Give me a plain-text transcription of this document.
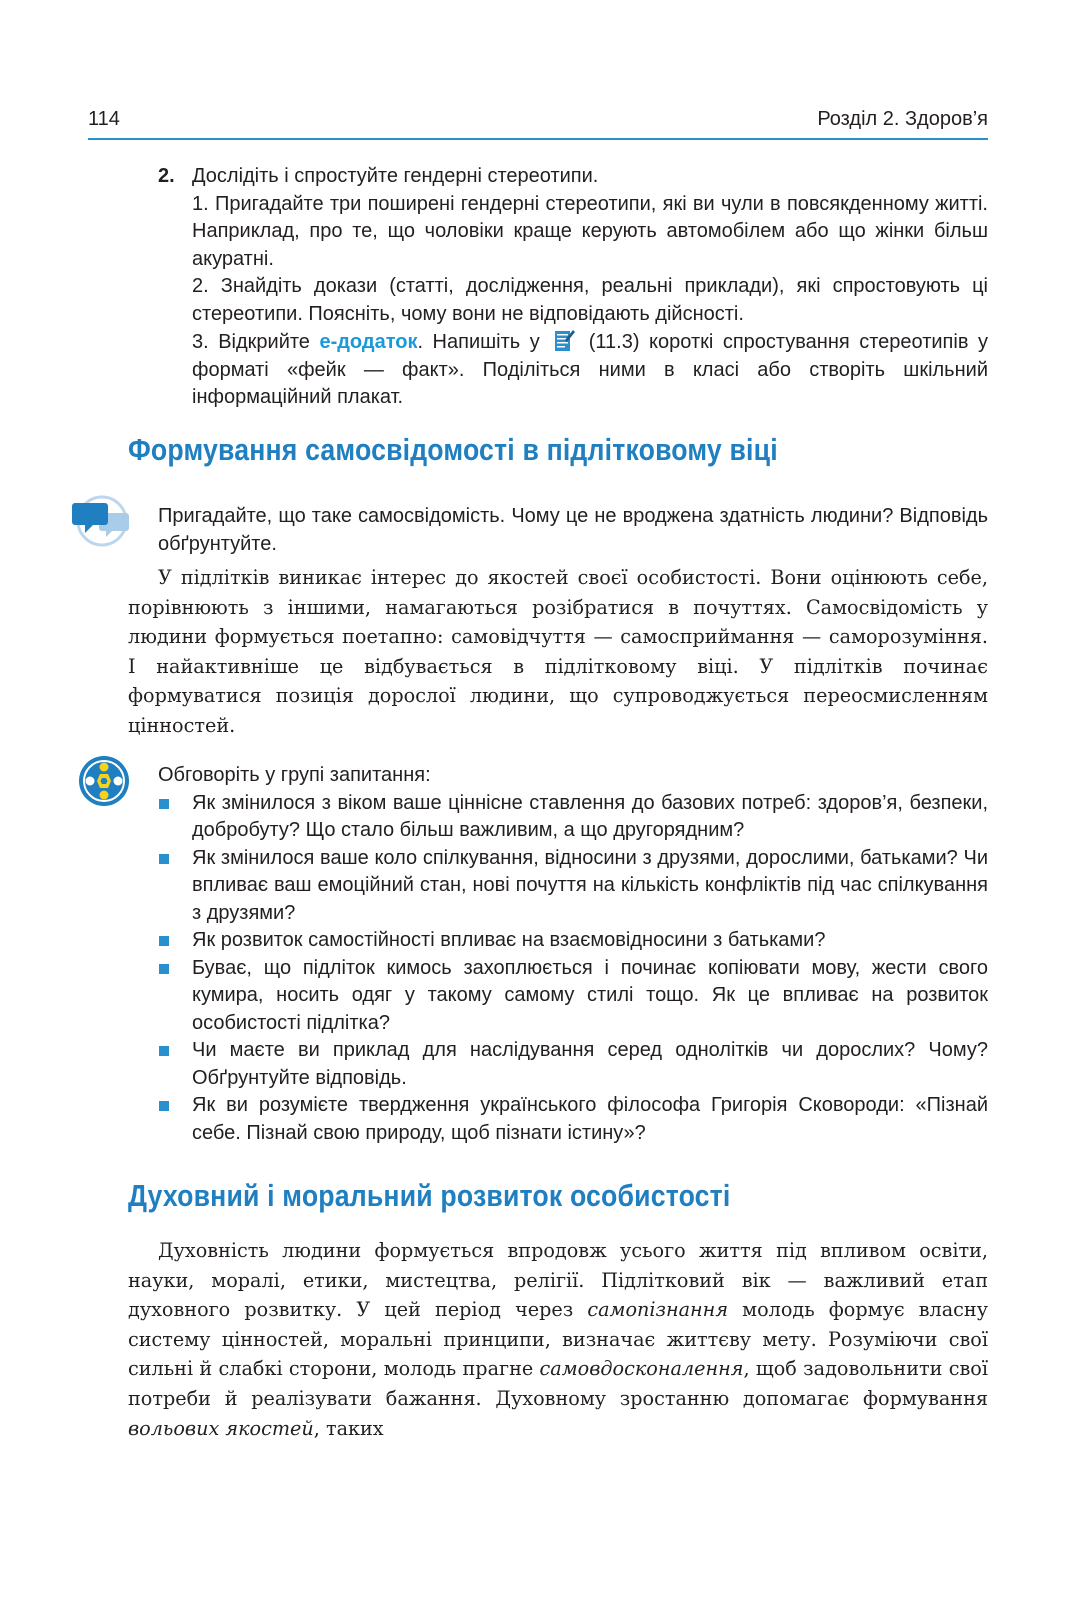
114	Розділ 2. Здоров’я
2. Дослідіть і спростуйте гендерні стереотипи.

1. Пригадайте три поширені гендерні стереотипи, які ви чули в повсякденному житті. Наприклад, про те, що чоловіки краще керують автомобілем або що жінки більш акуратні.

2. Знайдіть докази (статті, дослідження, реальні приклади), які спростовують ці стереотипи. Поясніть, чому вони не відповідають дійсності.

3. Відкрийте е-додаток. Напишіть у  (11.3) короткі спростування стереотипів у форматі «фейк — факт». Поділіться ними в класі або створіть шкільний інформаційний плакат.

Формування самосвідомості в підлітковому віці

Пригадайте, що таке самосвідомість. Чому це не вроджена здатність людини? Відповідь обґрунтуйте.

У підлітків виникає інтерес до якостей своєї особистості. Вони оцінюють себе, порівнюють з іншими, намагаються розібратися в почуттях. Самосвідомість у людини формується поетапно: самовідчуття — самосприймання — саморозуміння. І найактивніше це відбувається в підлітковому віці. У підлітків починає формуватися позиція дорослої людини, що супроводжується переосмисленням цінностей.

Обговоріть у групі запитання:

Як змінилося з віком ваше ціннісне ставлення до базових потреб: здоров’я, безпеки, добробуту? Що стало більш важливим, а що другорядним?
Як змінилося ваше коло спілкування, відносини з друзями, дорослими, батьками? Чи впливає ваш емоційний стан, нові почуття на кількість конфліктів під час спілкування з друзями?
Як розвиток самостійності впливає на взаємовідносини з батьками?
Буває, що підліток кимось захоплюється і починає копіювати мову, жести свого кумира, носить одяг у такому самому стилі тощо. Як це впливає на розвиток особистості підлітка?
Чи маєте ви приклад для наслідування серед однолітків чи дорослих? Чому? Обґрунтуйте відповідь.
Як ви розумієте твердження українського філософа Григорія Сковороди: «Пізнай себе. Пізнай свою природу, щоб пізнати істину»?
Духовний і моральний розвиток особистості

Духовність людини формується впродовж усього життя під впливом освіти, науки, моралі, етики, мистецтва, релігії. Підлітковий вік — важливий етап духовного розвитку. У цей період через самопізнання молодь формує власну систему цінностей, моральні принципи, визначає життєву мету. Розуміючи свої сильні й слабкі сторони, молодь прагне самовдосконалення, щоб задовольнити свої потреби й реалізувати бажання. Духовному зростанню допомагає формування вольових якостей, таких
